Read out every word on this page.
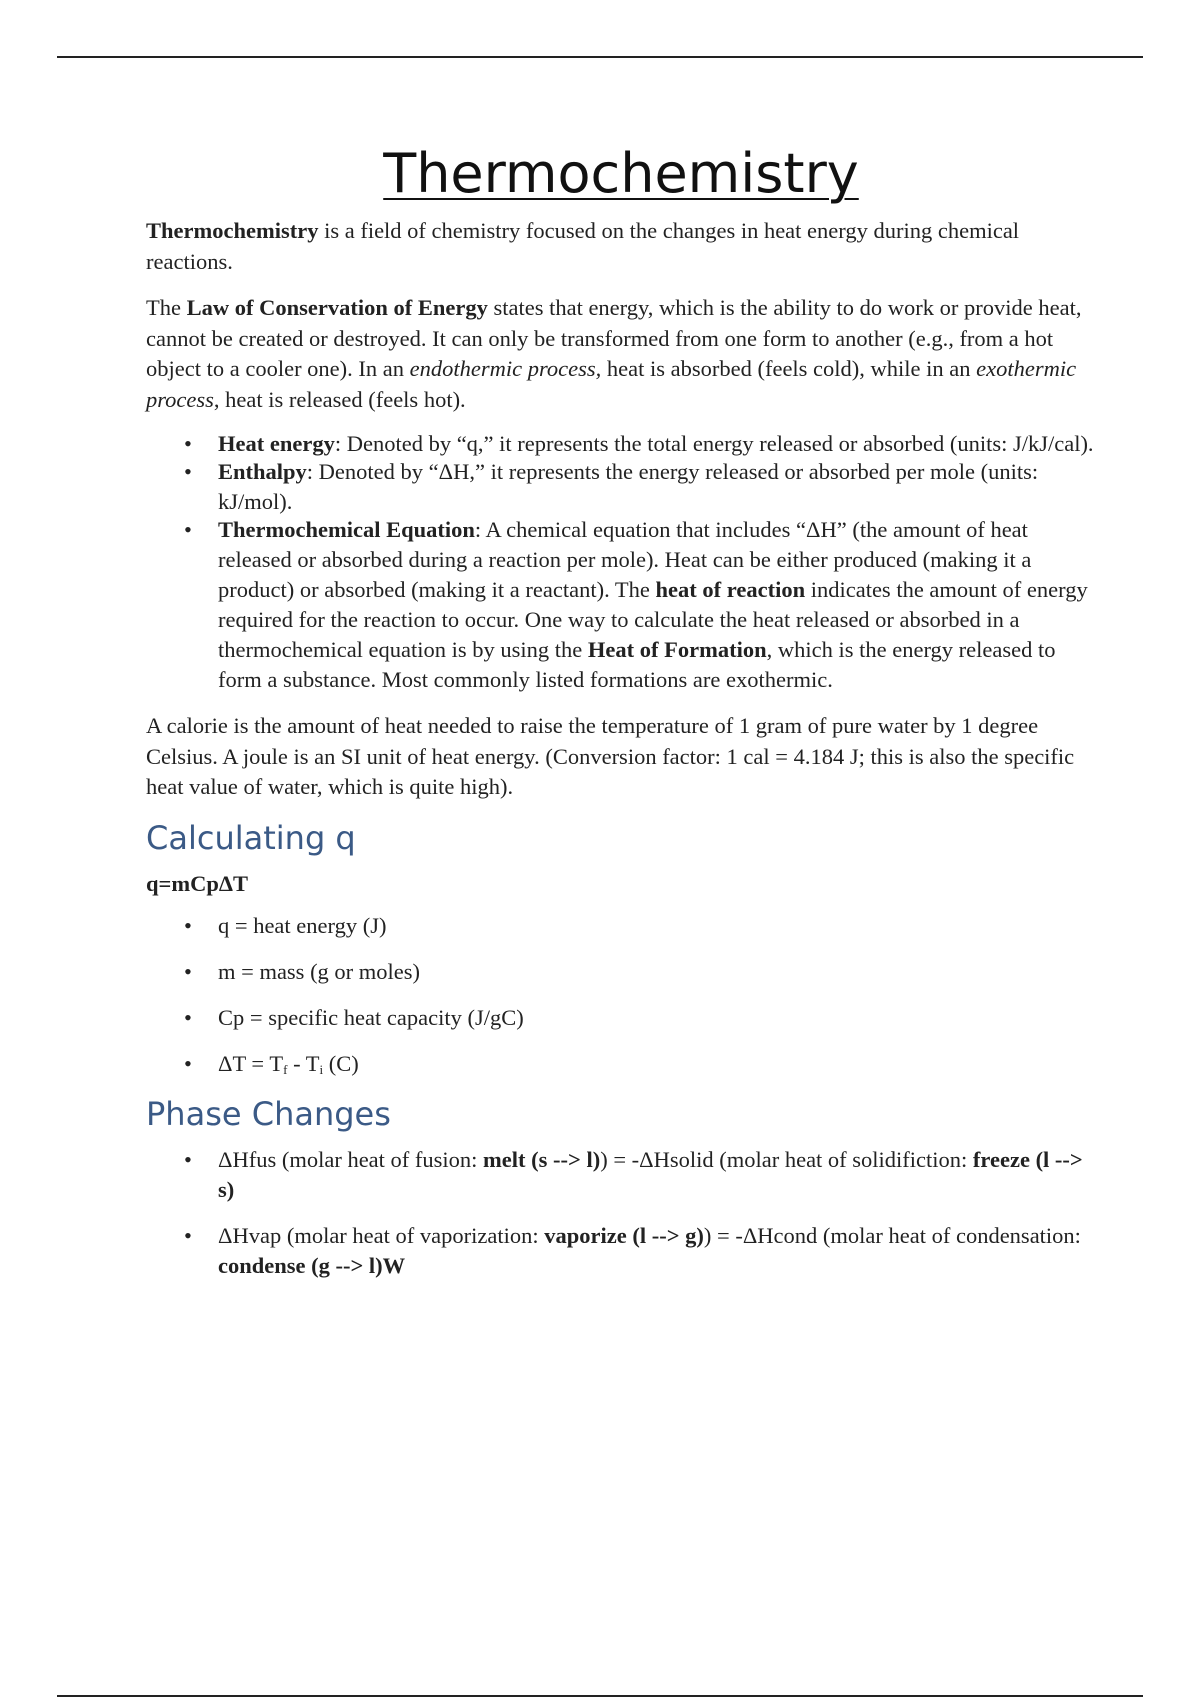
Thermochemistry

Thermochemistry is a field of chemistry focused on the changes in heat energy during chemical reactions.

The Law of Conservation of Energy states that energy, which is the ability to do work or provide heat, cannot be created or destroyed. It can only be transformed from one form to another (e.g., from a hot object to a cooler one). In an endothermic process, heat is absorbed (feels cold), while in an exothermic process, heat is released (feels hot).

• Heat energy: Denoted by “q,” it represents the total energy released or absorbed (units: J/kJ/cal).
• Enthalpy: Denoted by “ΔH,” it represents the energy released or absorbed per mole (units: kJ/mol).
• Thermochemical Equation: A chemical equation that includes “ΔH” (the amount of heat released or absorbed during a reaction per mole). Heat can be either produced (making it a product) or absorbed (making it a reactant). The heat of reaction indicates the amount of energy required for the reaction to occur. One way to calculate the heat released or absorbed in a thermochemical equation is by using the Heat of Formation, which is the energy released to form a substance. Most commonly listed formations are exothermic.

A calorie is the amount of heat needed to raise the temperature of 1 gram of pure water by 1 degree Celsius. A joule is an SI unit of heat energy. (Conversion factor: 1 cal = 4.184 J; this is also the specific heat value of water, which is quite high).

Calculating q

q=mCpΔT

• q = heat energy (J)
• m = mass (g or moles)
• Cp = specific heat capacity (J/gC)
• $\Delta T = T_f - T_i$ (C)
Phase Changes
• ΔHfus (molar heat of fusion: melt (s --> l)) = -ΔHsolid (molar heat of solidifiction: freeze (l --> s)
• ΔHvap (molar heat of vaporization: vaporize (l --> g)) = -ΔHcond (molar heat of condensation: condense (g --> l)W
